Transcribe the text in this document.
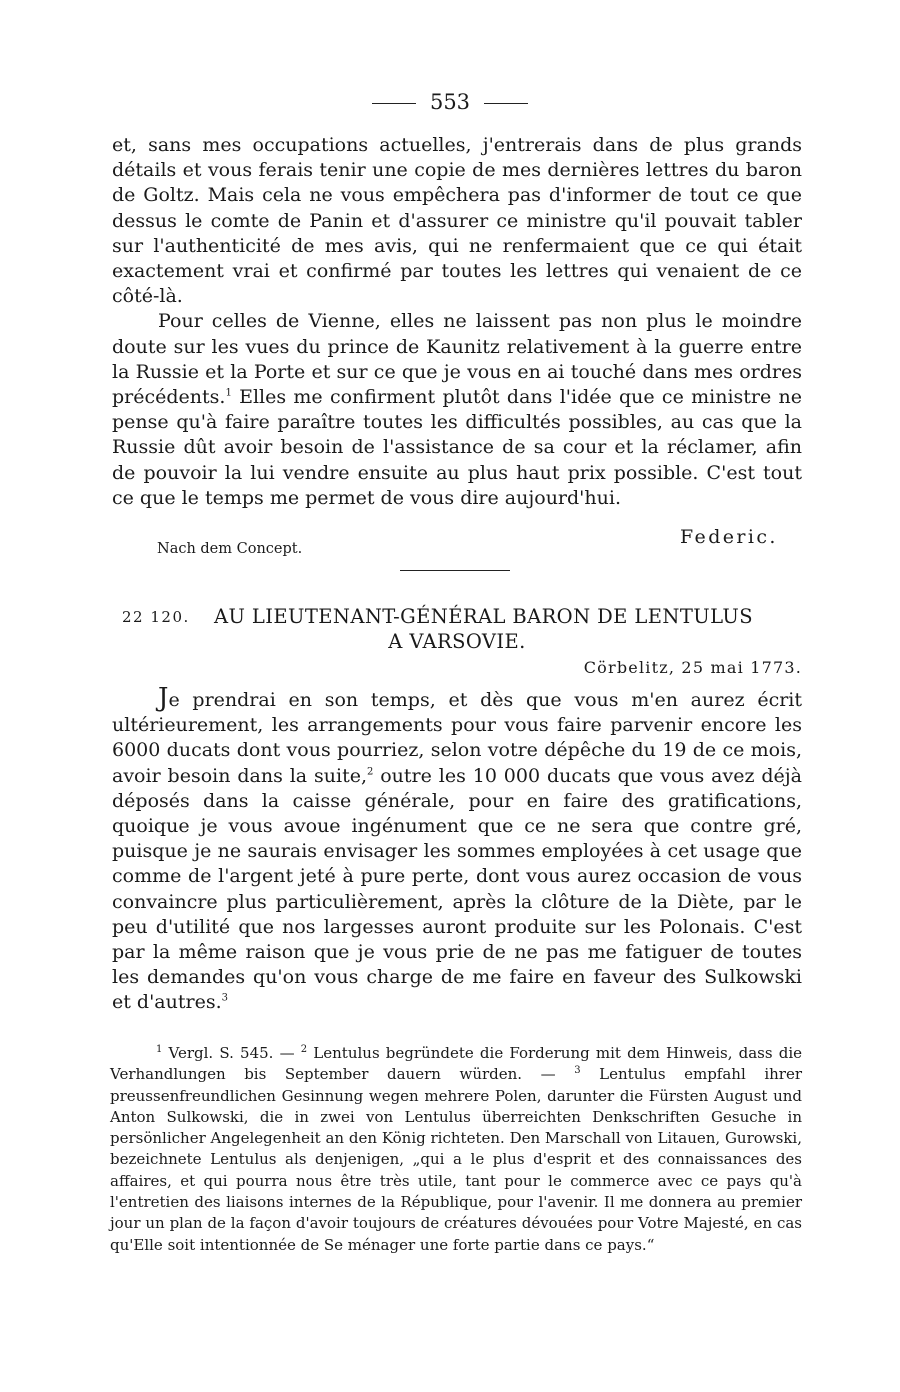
553

et, sans mes occupations actuelles, j'entrerais dans de plus grands détails et vous ferais tenir une copie de mes dernières lettres du baron de Goltz. Mais cela ne vous empêchera pas d'informer de tout ce que dessus le comte de Panin et d'assurer ce ministre qu'il pouvait tabler sur l'authenticité de mes avis, qui ne renfermaient que ce qui était exactement vrai et confirmé par toutes les lettres qui venaient de ce côté-là.

Pour celles de Vienne, elles ne laissent pas non plus le moindre doute sur les vues du prince de Kaunitz relativement à la guerre entre la Russie et la Porte et sur ce que je vous en ai touché dans mes ordres précédents.$^1$ Elles me confirment plutôt dans l'idée que ce ministre ne pense qu'à faire paraître toutes les difficultés possibles, au cas que la Russie dût avoir besoin de l'assistance de sa cour et la réclamer, afin de pouvoir la lui vendre ensuite au plus haut prix possible. C'est tout ce que le temps me permet de vous dire aujourd'hui.

Federic.
Nach dem Concept.
22 120. AU LIEUTENANT-GÉNÉRAL BARON DE LENTULUS
A VARSOVIE.
Cörbelitz, 25 mai 1773.

Je prendrai en son temps, et dès que vous m'en aurez écrit ultérieurement, les arrangements pour vous faire parvenir encore les 6000 ducats dont vous pourriez, selon votre dépêche du 19 de ce mois, avoir besoin dans la suite,$^2$ outre les 10 000 ducats que vous avez déjà déposés dans la caisse générale, pour en faire des gratifications, quoique je vous avoue ingénument que ce ne sera que contre gré, puisque je ne saurais envisager les sommes employées à cet usage que comme de l'argent jeté à pure perte, dont vous aurez occasion de vous convaincre plus particulièrement, après la clôture de la Diète, par le peu d'utilité que nos largesses auront produite sur les Polonais. C'est par la même raison que je vous prie de ne pas me fatiguer de toutes les demandes qu'on vous charge de me faire en faveur des Sulkowski et d'autres.$^3$

$^1$ Vergl. S. 545. — $^2$ Lentulus begründete die Forderung mit dem Hinweis, dass die Verhandlungen bis September dauern würden. — $^3$ Lentulus empfahl ihrer preussenfreundlichen Gesinnung wegen mehrere Polen, darunter die Fürsten August und Anton Sulkowski, die in zwei von Lentulus überreichten Denkschriften Gesuche in persönlicher Angelegenheit an den König richteten. Den Marschall von Litauen, Gurowski, bezeichnete Lentulus als denjenigen, „qui a le plus d'esprit et des connaissances des affaires, et qui pourra nous être très utile, tant pour le commerce avec ce pays qu'à l'entretien des liaisons internes de la République, pour l'avenir. Il me donnera au premier jour un plan de la façon d'avoir toujours de créatures dévouées pour Votre Majesté, en cas qu'Elle soit intentionnée de Se ménager une forte partie dans ce pays.“
